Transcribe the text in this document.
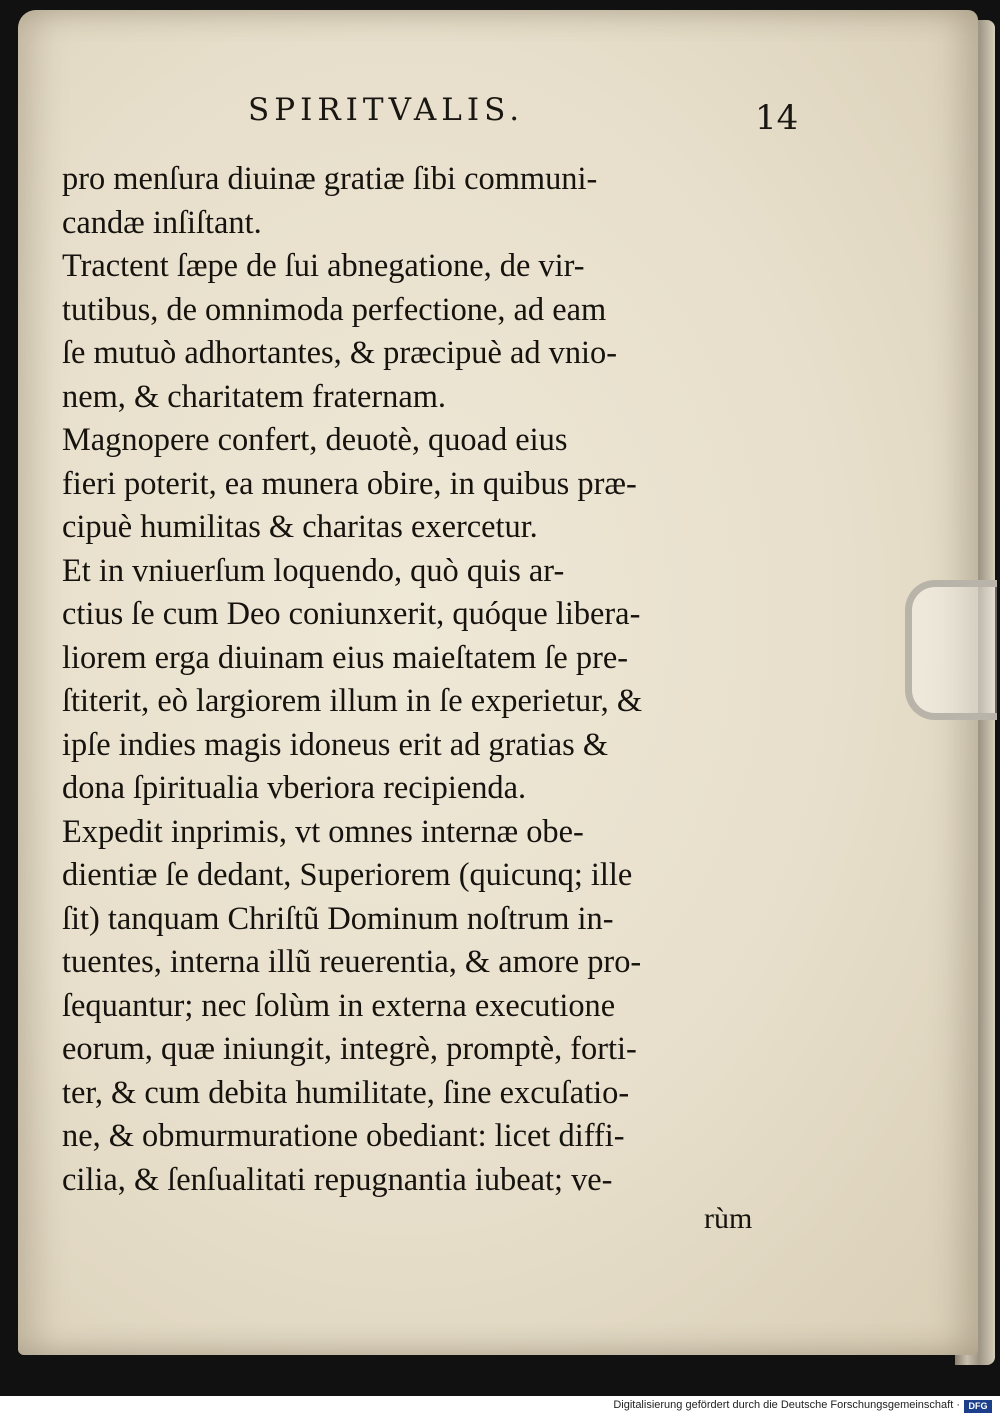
SPIRITVALIS.	14
pro menſura diuinæ gratiæ ſibi communi-
candæ inſiſtant.
Tractent ſæpe de ſui abnegatione, de vir-
tutibus, de omnimoda perfectione, ad eam
ſe mutuò adhortantes, & præcipuè ad vnio-
nem, & charitatem fraternam.
Magnopere confert, deuotè, quoad eius
fieri poterit, ea munera obire, in quibus præ-
cipuè humilitas & charitas exercetur.
Et in vniuerſum loquendo, quò quis ar-
ctius ſe cum Deo coniunxerit, quóque libera-
liorem erga diuinam eius maieſtatem ſe pre-
ſtiterit, eò largiorem illum in ſe experietur, &
ipſe indies magis idoneus erit ad gratias &
dona ſpiritualia vberiora recipienda.
Expedit inprimis, vt omnes internæ obe-
dientiæ ſe dedant, Superiorem (quicunq; ille
ſit) tanquam Chriſtũ Dominum noſtrum in-
tuentes, interna illũ reuerentia, & amore pro-
ſequantur; nec ſolùm in externa executione
eorum, quæ iniungit, integrè, promptè, forti-
ter, & cum debita humilitate, ſine excuſatio-
ne, & obmurmuratione obediant: licet diffi-
cilia, & ſenſualitati repugnantia iubeat; ve-
rùm
Digitalisierung gefördert durch die Deutsche Forschungsgemeinschaft · DFG
